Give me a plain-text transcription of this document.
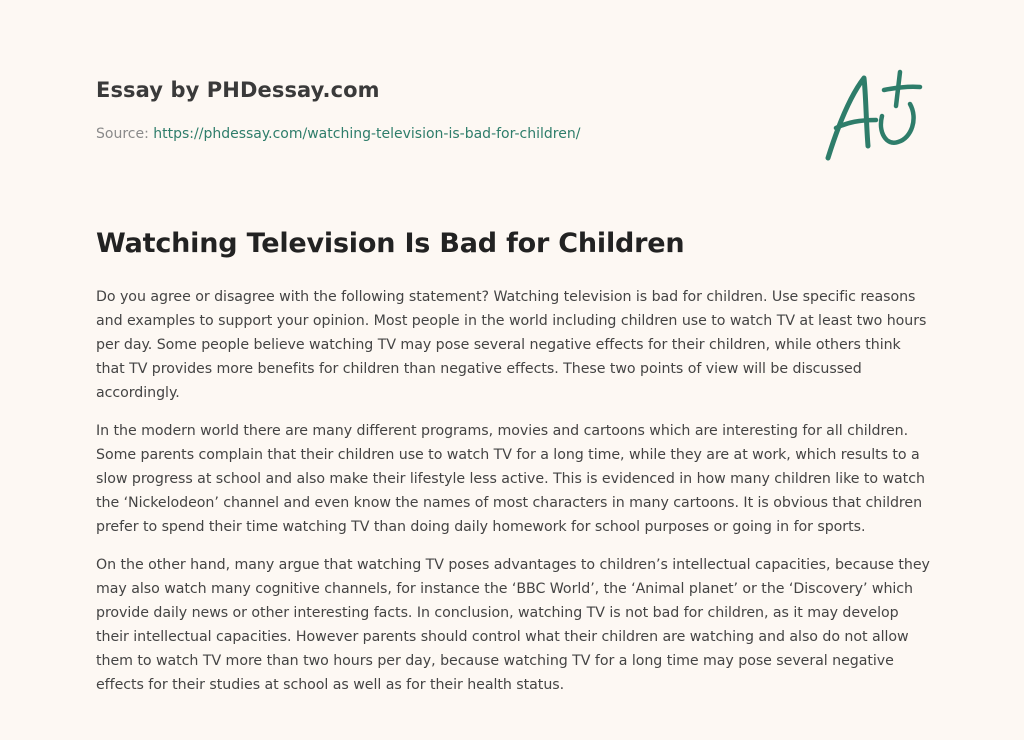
Essay by PHDessay.com
Source: https://phdessay.com/watching-television-is-bad-for-children/
Watching Television Is Bad for Children

Do you agree or disagree with the following statement? Watching television is bad for children. Use specific reasons and examples to support your opinion. Most people in the world including children use to watch TV at least two hours per day. Some people believe watching TV may pose several negative effects for their children, while others think that TV provides more benefits for children than negative effects. These two points of view will be discussed accordingly.

In the modern world there are many different programs, movies and cartoons which are interesting for all children. Some parents complain that their children use to watch TV for a long time, while they are at work, which results to a slow progress at school and also make their lifestyle less active. This is evidenced in how many children like to watch the ‘Nickelodeon’ channel and even know the names of most characters in many cartoons. It is obvious that children prefer to spend their time watching TV than doing daily homework for school purposes or going in for sports.

On the other hand, many argue that watching TV poses advantages to children’s intellectual capacities, because they may also watch many cognitive channels, for instance the ‘BBC World’, the ‘Animal planet’ or the ‘Discovery’ which provide daily news or other interesting facts. In conclusion, watching TV is not bad for children, as it may develop their intellectual capacities. However parents should control what their children are watching and also do not allow them to watch TV more than two hours per day, because watching TV for a long time may pose several negative effects for their studies at school as well as for their health status.
